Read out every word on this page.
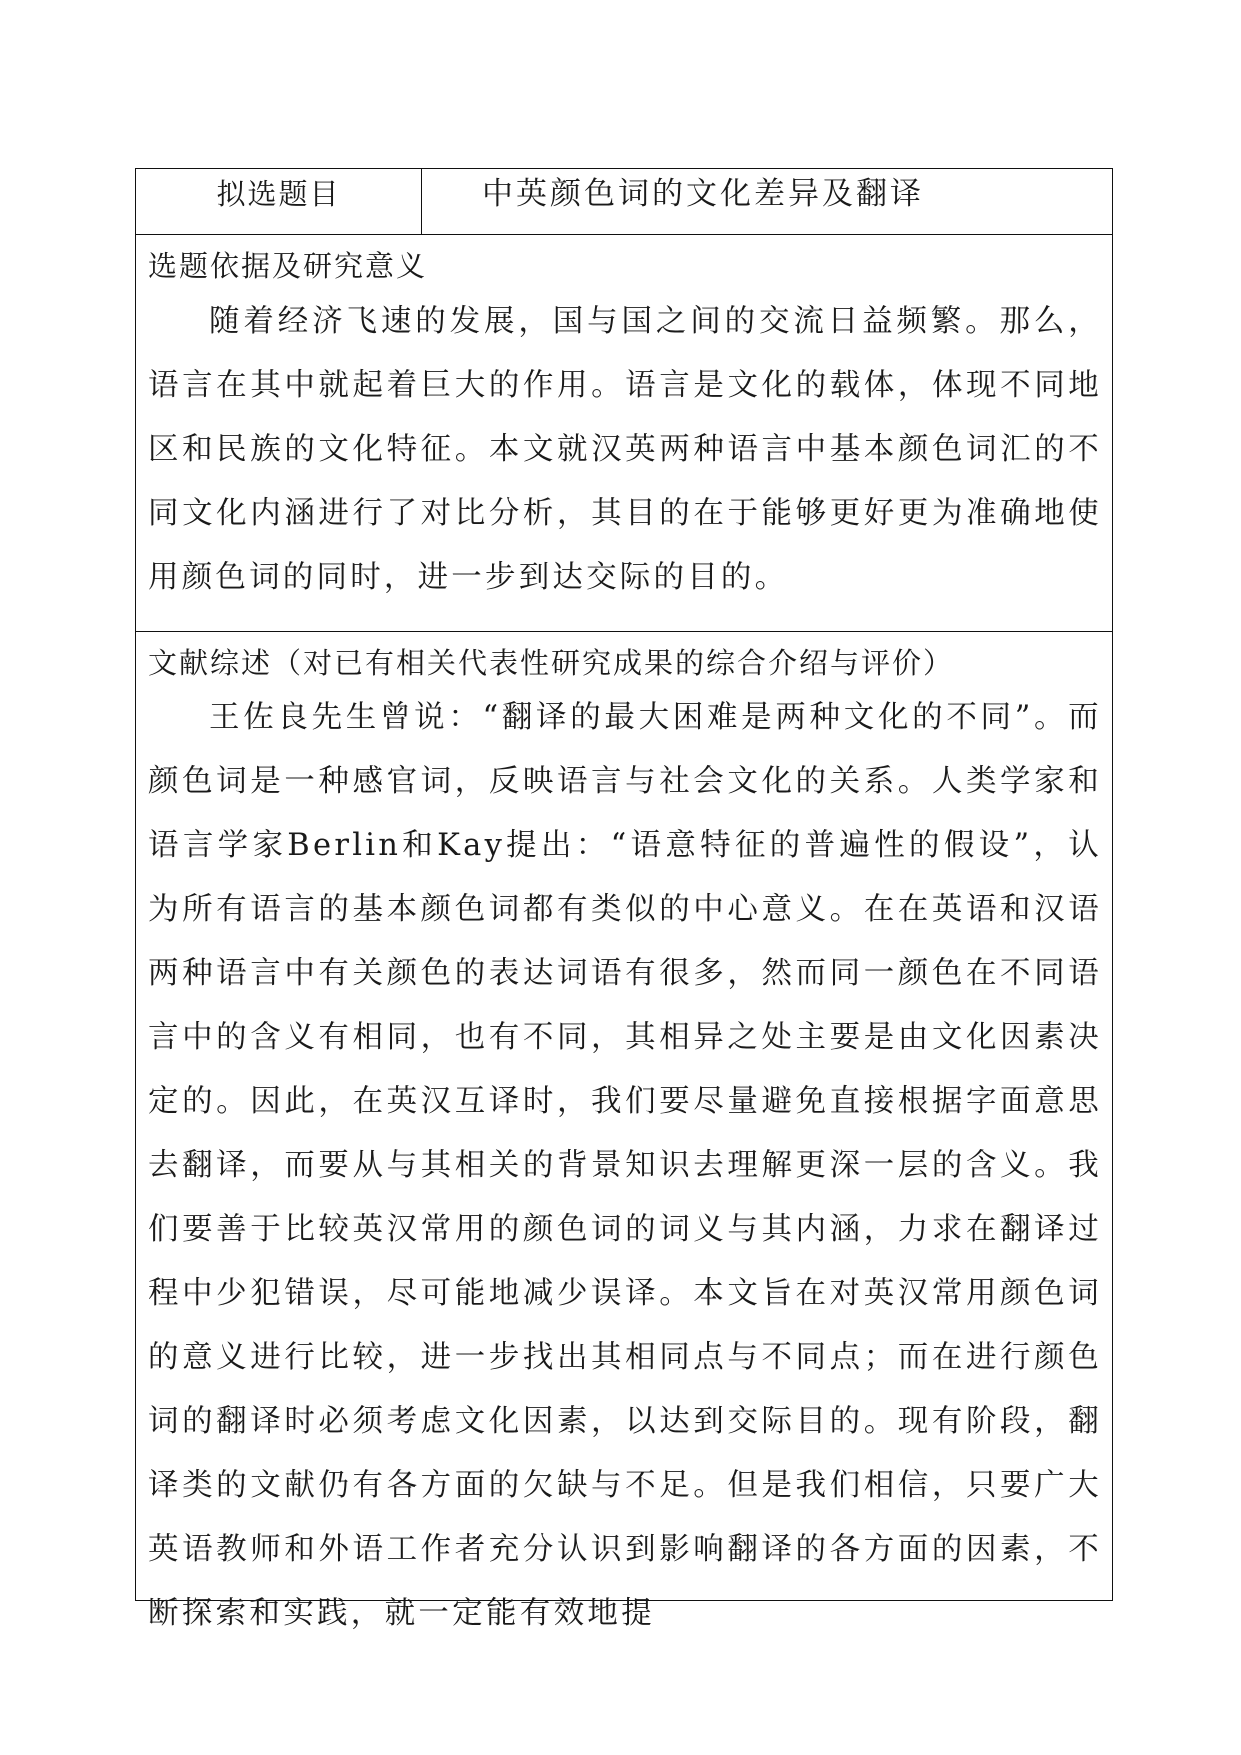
拟选题目	中英颜色词的文化差异及翻译
选题依据及研究意义

随着经济飞速的发展，国与国之间的交流日益频繁。那么，语言在其中就起着巨大的作用。语言是文化的载体，体现不同地区和民族的文化特征。本文就汉英两种语言中基本颜色词汇的不同文化内涵进行了对比分析，其目的在于能够更好更为准确地使用颜色词的同时，进一步到达交际的目的。

文献综述（对已有相关代表性研究成果的综合介绍与评价）

王佐良先生曾说：“翻译的最大困难是两种文化的不同”。而颜色词是一种感官词，反映语言与社会文化的关系。人类学家和语言学家Berlin和Kay提出：“语意特征的普遍性的假设”，认为所有语言的基本颜色词都有类似的中心意义。在在英语和汉语两种语言中有关颜色的表达词语有很多，然而同一颜色在不同语言中的含义有相同，也有不同，其相异之处主要是由文化因素决定的。因此，在英汉互译时，我们要尽量避免直接根据字面意思去翻译，而要从与其相关的背景知识去理解更深一层的含义。我们要善于比较英汉常用的颜色词的词义与其内涵，力求在翻译过程中少犯错误，尽可能地减少误译。本文旨在对英汉常用颜色词的意义进行比较，进一步找出其相同点与不同点；而在进行颜色词的翻译时必须考虑文化因素，以达到交际目的。现有阶段，翻译类的文献仍有各方面的欠缺与不足。但是我们相信，只要广大英语教师和外语工作者充分认识到影响翻译的各方面的因素，不断探索和实践，就一定能有效地提
